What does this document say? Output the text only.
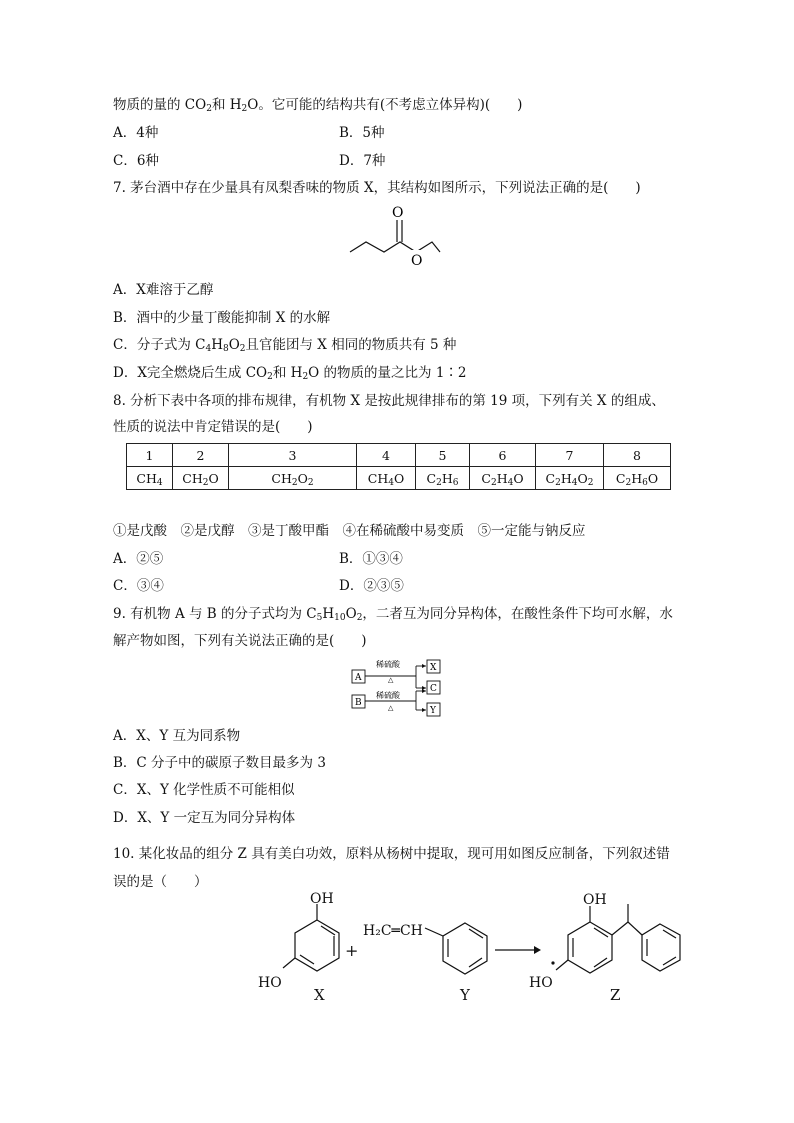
物质的量的 $CO_2$和 $H_2O$。它可能的结构共有(不考虑立体异构)(　　)
A．4种	B．5种
C．6种	D．7种
7. 茅台酒中存在少量具有凤梨香味的物质 X，其结构如图所示，下列说法正确的是(　　)
O
O
A．X难溶于乙醇
B．酒中的少量丁酸能抑制 X 的水解
C．分子式为 $C_4H_8O_2$且官能团与 X 相同的物质共有 5 种
D．X完全燃烧后生成 $CO_2$和 $H_2O$ 的物质的量之比为 1∶2
8. 分析下表中各项的排布规律，有机物 X 是按此规律排布的第 19 项，下列有关 X 的组成、
性质的说法中肯定错误的是(　　)
1	2	3	4	5	6	7	8
$CH_4$	$CH_2O$	$CH_2O_2$	$CH_4O$	$C_2H_6$	$C_2H_4O$	$C_2H_4O_2$	$C_2H_6O$
①是戊酸　②是戊醇　③是丁酸甲酯　④在稀硫酸中易变质　⑤一定能与钠反应
A．②⑤	B．①③④
C．③④	D．②③⑤
9. 有机物 A 与 B 的分子式均为 $C_5H_{10}O_2$，二者互为同分异构体，在酸性条件下均可水解，水
解产物如图，下列有关说法正确的是(　　)
A
B
稀硫酸
△
稀硫酸
△
X
C
Y
A．X、Y 互为同系物
B．C 分子中的碳原子数目最多为 3
C．X、Y 化学性质不可能相似
D．X、Y 一定互为同分异构体
10. 某化妆品的组分 Z 具有美白功效，原料从杨树中提取，现可用如图反应制备，下列叙述错
误的是（　　）
OH
HO
X
+
H₂C═CH
Y
OH
HO
Z
